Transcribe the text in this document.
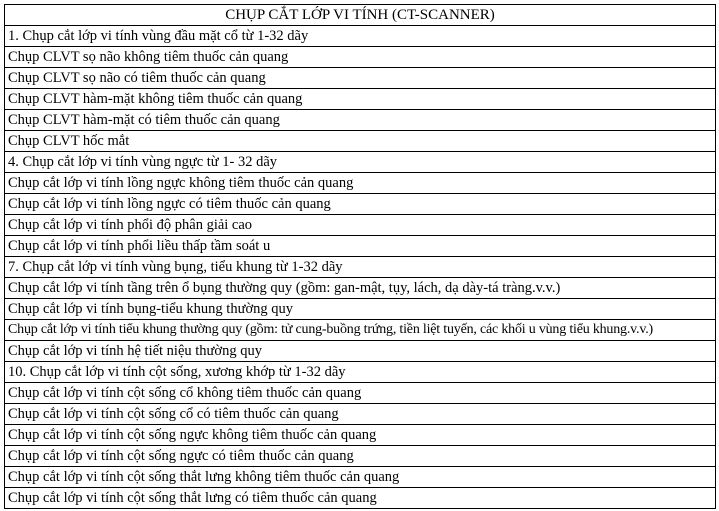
CHỤP CẮT LỚP VI TÍNH (CT-SCANNER)
1. Chụp cắt lớp vi tính vùng đầu mặt cổ từ 1-32 dãy
Chụp CLVT sọ não không tiêm thuốc cản quang
Chụp CLVT sọ não có tiêm thuốc cản quang
Chụp CLVT hàm-mặt không tiêm thuốc cản quang
Chụp CLVT hàm-mặt có tiêm thuốc cản quang
Chụp CLVT hốc mắt
4. Chụp cắt lớp vi tính vùng ngực từ 1- 32 dãy
Chụp cắt lớp vi tính lồng ngực không tiêm thuốc cản quang
Chụp cắt lớp vi tính lồng ngực có tiêm thuốc cản quang
Chụp cắt lớp vi tính phổi độ phân giải cao
Chụp cắt lớp vi tính phổi liều thấp tầm soát u
7. Chụp cắt lớp vi tính vùng bụng, tiểu khung từ 1-32 dãy
Chụp cắt lớp vi tính tầng trên ổ bụng thường quy (gồm: gan-mật, tụy, lách, dạ dày-tá tràng.v.v.)
Chụp cắt lớp vi tính bụng-tiểu khung thường quy
Chụp cắt lớp vi tính tiểu khung thường quy (gồm: tử cung-buồng trứng, tiền liệt tuyến, các khối u vùng tiểu khung.v.v.)
Chụp cắt lớp vi tính hệ tiết niệu thường quy
10. Chụp cắt lớp vi tính cột sống, xương khớp từ 1-32 dãy
Chụp cắt lớp vi tính cột sống cổ không tiêm thuốc cản quang
Chụp cắt lớp vi tính cột sống cổ có tiêm thuốc cản quang
Chụp cắt lớp vi tính cột sống ngực không tiêm thuốc cản quang
Chụp cắt lớp vi tính cột sống ngực có tiêm thuốc cản quang
Chụp cắt lớp vi tính cột sống thắt lưng không tiêm thuốc cản quang
Chụp cắt lớp vi tính cột sống thắt lưng có tiêm thuốc cản quang
